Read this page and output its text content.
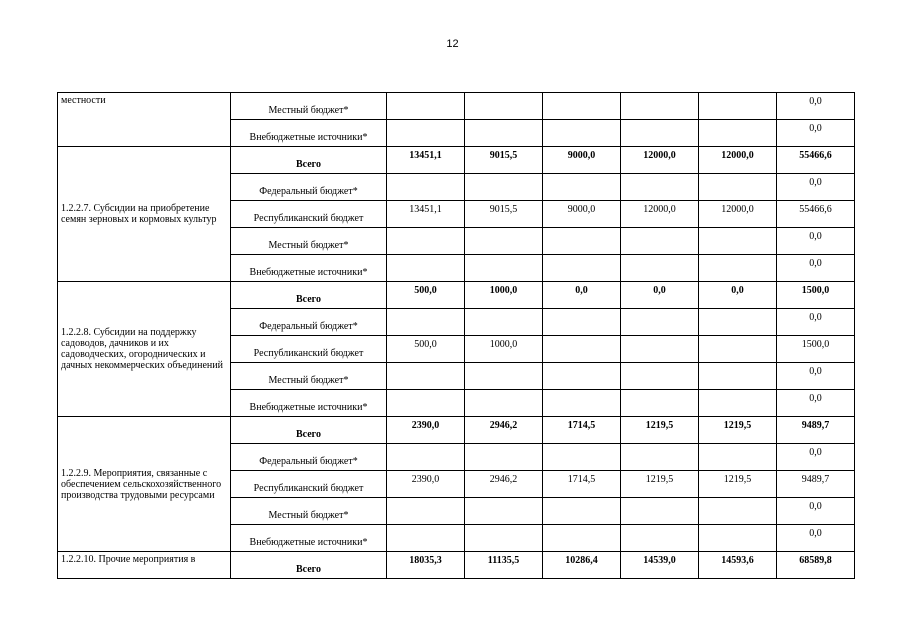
12
местности	Местный бюджет*						0,0
	Внебюджетные источники*						0,0
1.2.2.7. Субсидии на приобретение семян зерновых и кормовых культур	Всего	13451,1	9015,5	9000,0	12000,0	12000,0	55466,6
	Федеральный бюджет*						0,0
	Республиканский бюджет	13451,1	9015,5	9000,0	12000,0	12000,0	55466,6
	Местный бюджет*						0,0
	Внебюджетные источники*						0,0
1.2.2.8. Субсидии на поддержку садоводов, дачников и их садоводческих, огороднических и дачных некоммерческих объединений	Всего	500,0	1000,0	0,0	0,0	0,0	1500,0
	Федеральный бюджет*						0,0
	Республиканский бюджет	500,0	1000,0				1500,0
	Местный бюджет*						0,0
	Внебюджетные источники*						0,0
1.2.2.9. Мероприятия, связанные с обеспечением сельскохозяйственного производства трудовыми ресурсами	Всего	2390,0	2946,2	1714,5	1219,5	1219,5	9489,7
	Федеральный бюджет*						0,0
	Республиканский бюджет	2390,0	2946,2	1714,5	1219,5	1219,5	9489,7
	Местный бюджет*						0,0
	Внебюджетные источники*						0,0
1.2.2.10. Прочие мероприятия в	Всего	18035,3	11135,5	10286,4	14539,0	14593,6	68589,8
